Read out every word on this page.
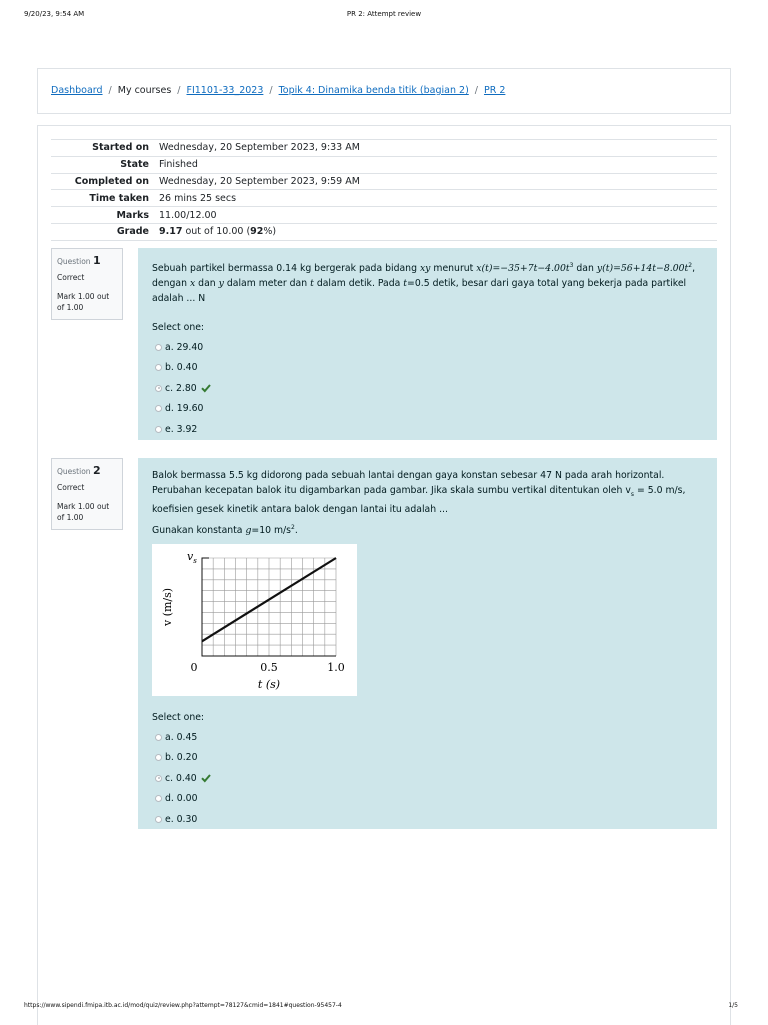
9/20/23, 9:54 AM	PR 2: Attempt review
Dashboard / My courses / FI1101-33_2023 / Topik 4: Dinamika benda titik (bagian 2) / PR 2
Started on	Wednesday, 20 September 2023, 9:33 AM
State	Finished
Completed on	Wednesday, 20 September 2023, 9:59 AM
Time taken	26 mins 25 secs
Marks	11.00/12.00
Grade	9.17 out of 10.00 (92%)
Question 1
Correct
Mark 1.00 out of 1.00
Sebuah partikel bermassa 0.14 kg bergerak pada bidang xy menurut $x(t)=-35+7t-4.00t^3$ dan $y(t)=56+14t-8.00t^2$, dengan x dan y dalam meter dan t dalam detik. Pada t=0.5 detik, besar dari gaya total yang bekerja pada partikel adalah ... N
Select one:
a. 29.40
b. 0.40
c. 2.80
d. 19.60
e. 3.92
Question 2
Correct
Mark 1.00 out of 1.00
Balok bermassa 5.5 kg didorong pada sebuah lantai dengan gaya konstan sebesar 47 N pada arah horizontal. Perubahan kecepatan balok itu digambarkan pada gambar. Jika skala sumbu vertikal ditentukan oleh $v_s = 5.0$ m/s, koefisien gesek kinetik antara balok dengan lantai itu adalah ...
Gunakan konstanta g=10 $m/s^2$.
$v_s$
v (m/s)
0	0.5	1.0
t (s)
Select one:
a. 0.45
b. 0.20
c. 0.40
d. 0.00
e. 0.30
https://www.sipendi.fmipa.itb.ac.id/mod/quiz/review.php?attempt=78127&cmid=1841#question-95457-4	1/5
